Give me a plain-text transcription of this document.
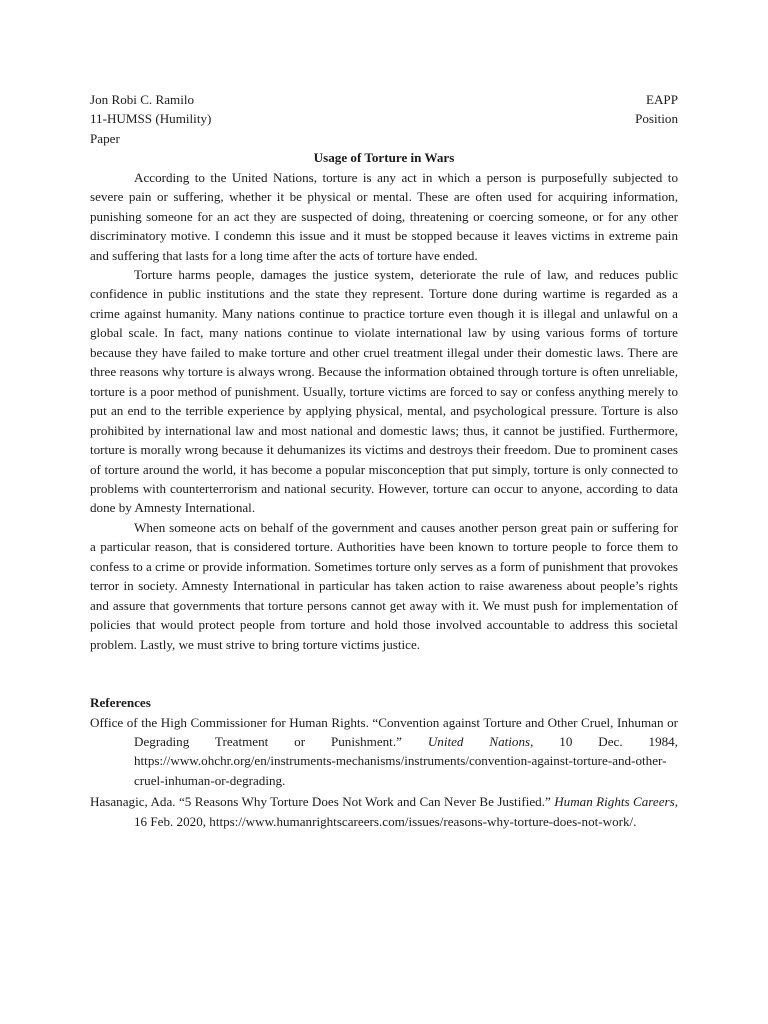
Jon Robi C. Ramilo	EAPP
11-HUMSS (Humility)	Position
Paper
Usage of Torture in Wars

According to the United Nations, torture is any act in which a person is purposefully subjected to severe pain or suffering, whether it be physical or mental. These are often used for acquiring information, punishing someone for an act they are suspected of doing, threatening or coercing someone, or for any other discriminatory motive. I condemn this issue and it must be stopped because it leaves victims in extreme pain and suffering that lasts for a long time after the acts of torture have ended.

Torture harms people, damages the justice system, deteriorate the rule of law, and reduces public confidence in public institutions and the state they represent. Torture done during wartime is regarded as a crime against humanity. Many nations continue to practice torture even though it is illegal and unlawful on a global scale. In fact, many nations continue to violate international law by using various forms of torture because they have failed to make torture and other cruel treatment illegal under their domestic laws. There are three reasons why torture is always wrong. Because the information obtained through torture is often unreliable, torture is a poor method of punishment. Usually, torture victims are forced to say or confess anything merely to put an end to the terrible experience by applying physical, mental, and psychological pressure. Torture is also prohibited by international law and most national and domestic laws; thus, it cannot be justified. Furthermore, torture is morally wrong because it dehumanizes its victims and destroys their freedom. Due to prominent cases of torture around the world, it has become a popular misconception that put simply, torture is only connected to problems with counterterrorism and national security. However, torture can occur to anyone, according to data done by Amnesty International.

When someone acts on behalf of the government and causes another person great pain or suffering for a particular reason, that is considered torture. Authorities have been known to torture people to force them to confess to a crime or provide information. Sometimes torture only serves as a form of punishment that provokes terror in society. Amnesty International in particular has taken action to raise awareness about people’s rights and assure that governments that torture persons cannot get away with it. We must push for implementation of policies that would protect people from torture and hold those involved accountable to address this societal problem. Lastly, we must strive to bring torture victims justice.

References

Office of the High Commissioner for Human Rights. “Convention against Torture and Other Cruel, Inhuman or Degrading Treatment or Punishment.” United Nations, 10 Dec. 1984, https://www.ohchr.org/en/instruments-mechanisms/instruments/convention-against-torture-and-other-cruel-inhuman-or-degrading.

Hasanagic, Ada. “5 Reasons Why Torture Does Not Work and Can Never Be Justified.” Human Rights Careers, 16 Feb. 2020, https://www.humanrightscareers.com/issues/reasons-why-torture-does-not-work/.
